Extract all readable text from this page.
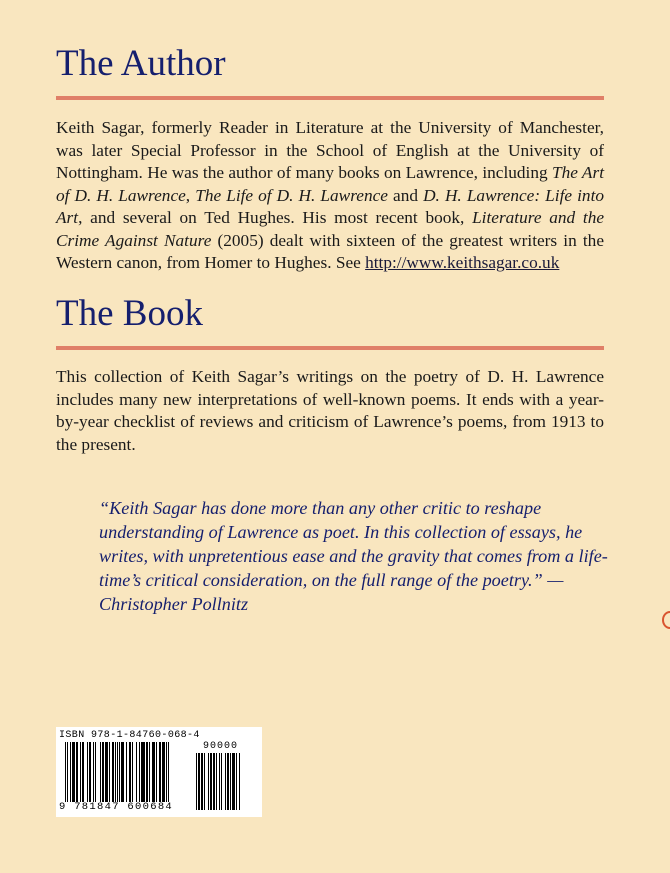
The Author

Keith Sagar, formerly Reader in Literature at the University of Manchester, was later Special Professor in the School of English at the University of Nottingham. He was the author of many books on Lawrence, including The Art of D. H. Lawrence, The Life of D. H. Lawrence and D. H. Lawrence: Life into Art, and several on Ted Hughes. His most recent book, Literature and the Crime Against Nature (2005) dealt with sixteen of the greatest writers in the Western canon, from Homer to Hughes. See http://www.keithsagar.co.uk

The Book

This collection of Keith Sagar’s writings on the poetry of D. H. Lawrence includes many new interpretations of well-known poems. It ends with a year-by-year checklist of reviews and criticism of Lawrence’s poems, from 1913 to the present.

“Keith Sagar has done more than any other critic to reshape understanding of Lawrence as poet. In this collection of essays, he writes, with unpretentious ease and the gravity that comes from a life-time’s critical consideration, on the full range of the poetry.” —Christopher Pollnitz

ISBN 978-1-84760-068-4
90000
9 781847 600684
